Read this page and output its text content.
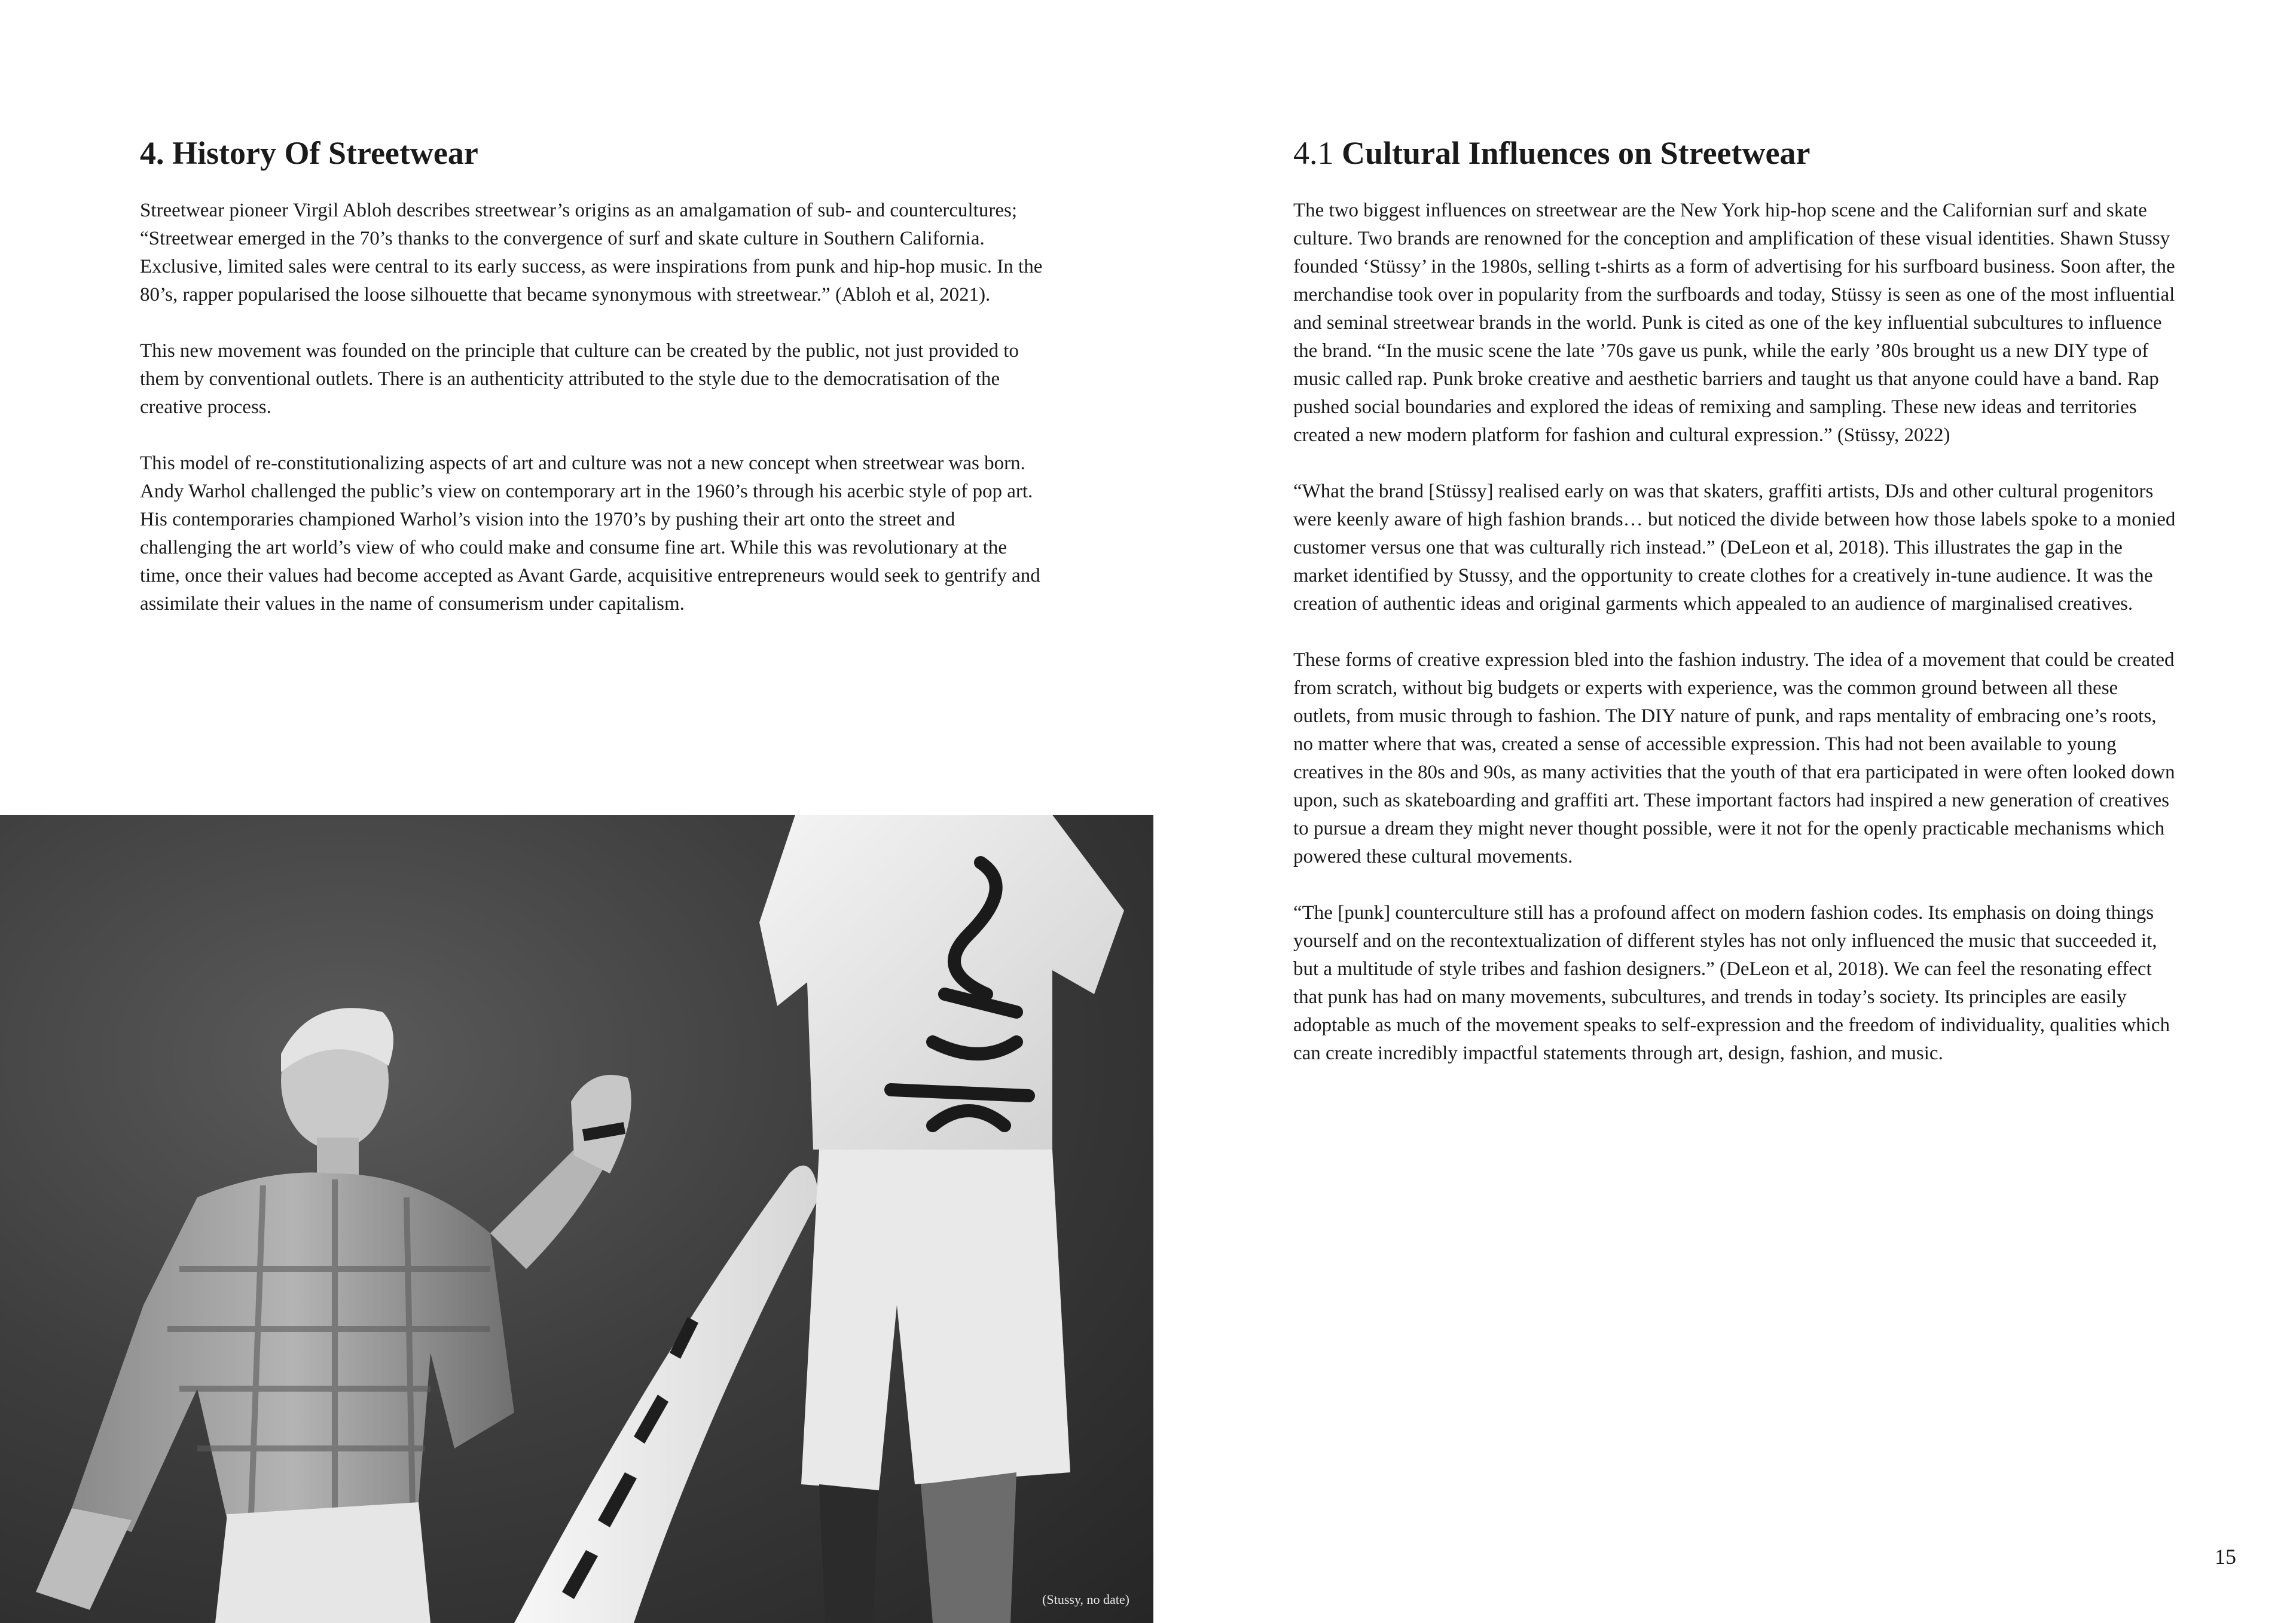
4. History Of Streetwear

Streetwear pioneer Virgil Abloh describes streetwear’s origins as an amalgamation of sub- and countercultures; “Streetwear emerged in the 70’s thanks to the convergence of surf and skate culture in Southern California. Exclusive, limited sales were central to its early success, as were inspirations from punk and hip-hop music. In the 80’s, rapper popularised the loose silhouette that became synonymous with streetwear.” (Abloh et al, 2021).

This new movement was founded on the principle that culture can be created by the public, not just provided to them by conventional outlets. There is an authenticity attributed to the style due to the democratisation of the creative process.

This model of re-constitutionalizing aspects of art and culture was not a new concept when streetwear was born. Andy Warhol challenged the public’s view on contemporary art in the 1960’s through his acerbic style of pop art. His contemporaries championed Warhol’s vision into the 1970’s by pushing their art onto the street and challenging the art world’s view of who could make and consume fine art. While this was revolutionary at the time, once their values had become accepted as Avant Garde, acquisitive entrepreneurs would seek to gentrify and assimilate their values in the name of consumerism under capitalism.

4.1 Cultural Influences on Streetwear

The two biggest influences on streetwear are the New York hip-hop scene and the Californian surf and skate culture. Two brands are renowned for the conception and amplification of these visual identities. Shawn Stussy founded ‘Stüssy’ in the 1980s, selling t-shirts as a form of advertising for his surfboard business. Soon after, the merchandise took over in popularity from the surfboards and today, Stüssy is seen as one of the most influential and seminal streetwear brands in the world. Punk is cited as one of the key influential subcultures to influence the brand. “In the music scene the late ’70s gave us punk, while the early ’80s brought us a new DIY type of music called rap. Punk broke creative and aesthetic barriers and taught us that anyone could have a band. Rap pushed social boundaries and explored the ideas of remixing and sampling. These new ideas and territories created a new modern platform for fashion and cultural expression.” (Stüssy, 2022)

“What the brand [Stüssy] realised early on was that skaters, graffiti artists, DJs and other cultural progenitors were keenly aware of high fashion brands… but noticed the divide between how those labels spoke to a monied customer versus one that was culturally rich instead.” (DeLeon et al, 2018). This illustrates the gap in the market identified by Stussy, and the opportunity to create clothes for a creatively in-tune audience. It was the creation of authentic ideas and original garments which appealed to an audience of marginalised creatives.

These forms of creative expression bled into the fashion industry. The idea of a movement that could be created from scratch, without big budgets or experts with experience, was the common ground between all these outlets, from music through to fashion. The DIY nature of punk, and raps mentality of embracing one’s roots, no matter where that was, created a sense of accessible expression. This had not been available to young creatives in the 80s and 90s, as many activities that the youth of that era participated in were often looked down upon, such as skateboarding and graffiti art. These important factors had inspired a new generation of creatives to pursue a dream they might never thought possible, were it not for the openly practicable mechanisms which powered these cultural movements.

“The [punk] counterculture still has a profound affect on modern fashion codes. Its emphasis on doing things yourself and on the recontextualization of different styles has not only influenced the music that succeeded it, but a multitude of style tribes and fashion designers.” (DeLeon et al, 2018). We can feel the resonating effect that punk has had on many movements, subcultures, and trends in today’s society. Its principles are easily adoptable as much of the movement speaks to self-expression and the freedom of individuality, qualities which can create incredibly impactful statements through art, design, fashion, and music.

(Stussy, no date)
15
